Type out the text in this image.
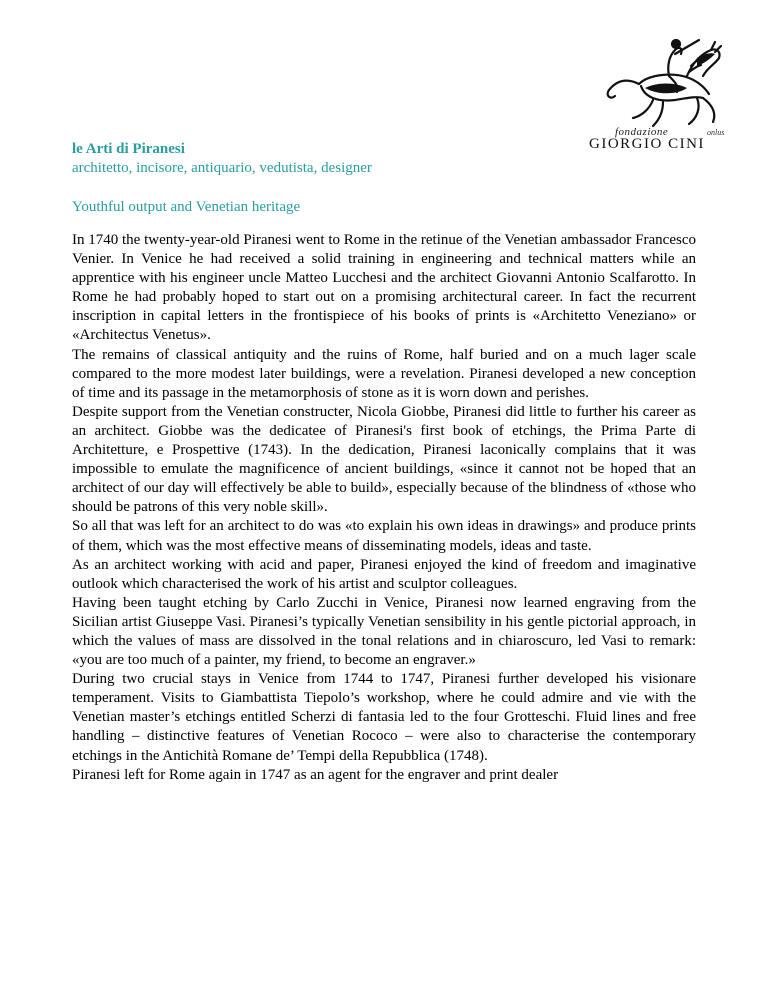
fondazione	onlus
GIORGIO CINI
le Arti di Piranesi
architetto, incisore, antiquario, vedutista, designer
Youthful output and Venetian heritage

In 1740 the twenty-year-old Piranesi went to Rome in the retinue of the Venetian ambassador Francesco Venier. In Venice he had received a solid training in engineering and technical matters while an apprentice with his engineer uncle Matteo Lucchesi and the architect Giovanni Antonio Scalfarotto. In Rome he had probably hoped to start out on a promising architectural career. In fact the recurrent inscription in capital letters in the frontispiece of his books of prints is «Architetto Veneziano» or «Architectus Venetus».

The remains of classical antiquity and the ruins of Rome, half buried and on a much lager scale compared to the more modest later buildings, were a revelation. Piranesi developed a new conception of time and its passage in the metamorphosis of stone as it is worn down and perishes.

Despite support from the Venetian constructer, Nicola Giobbe, Piranesi did little to further his career as an architect. Giobbe was the dedicatee of Piranesi's first book of etchings, the Prima Parte di Architetture, e Prospettive (1743). In the dedication, Piranesi laconically complains that it was impossible to emulate the magnificence of ancient buildings, «since it cannot not be hoped that an architect of our day will effectively be able to build», especially because of the blindness of «those who should be patrons of this very noble skill».

So all that was left for an architect to do was «to explain his own ideas in drawings» and produce prints of them, which was the most effective means of disseminating models, ideas and taste.

As an architect working with acid and paper, Piranesi enjoyed the kind of freedom and imaginative outlook which characterised the work of his artist and sculptor colleagues.

Having been taught etching by Carlo Zucchi in Venice, Piranesi now learned engraving from the Sicilian artist Giuseppe Vasi. Piranesi’s typically Venetian sensibility in his gentle pictorial approach, in which the values of mass are dissolved in the tonal relations and in chiaroscuro, led Vasi to remark: «you are too much of a painter, my friend, to become an engraver.»

During two crucial stays in Venice from 1744 to 1747, Piranesi further developed his visionare temperament. Visits to Giambattista Tiepolo’s workshop, where he could admire and vie with the Venetian master’s etchings entitled Scherzi di fantasia led to the four Grotteschi. Fluid lines and free handling – distinctive features of Venetian Rococo – were also to characterise the contemporary etchings in the Antichità Romane de’ Tempi della Repubblica (1748).

Piranesi left for Rome again in 1747 as an agent for the engraver and print dealer
